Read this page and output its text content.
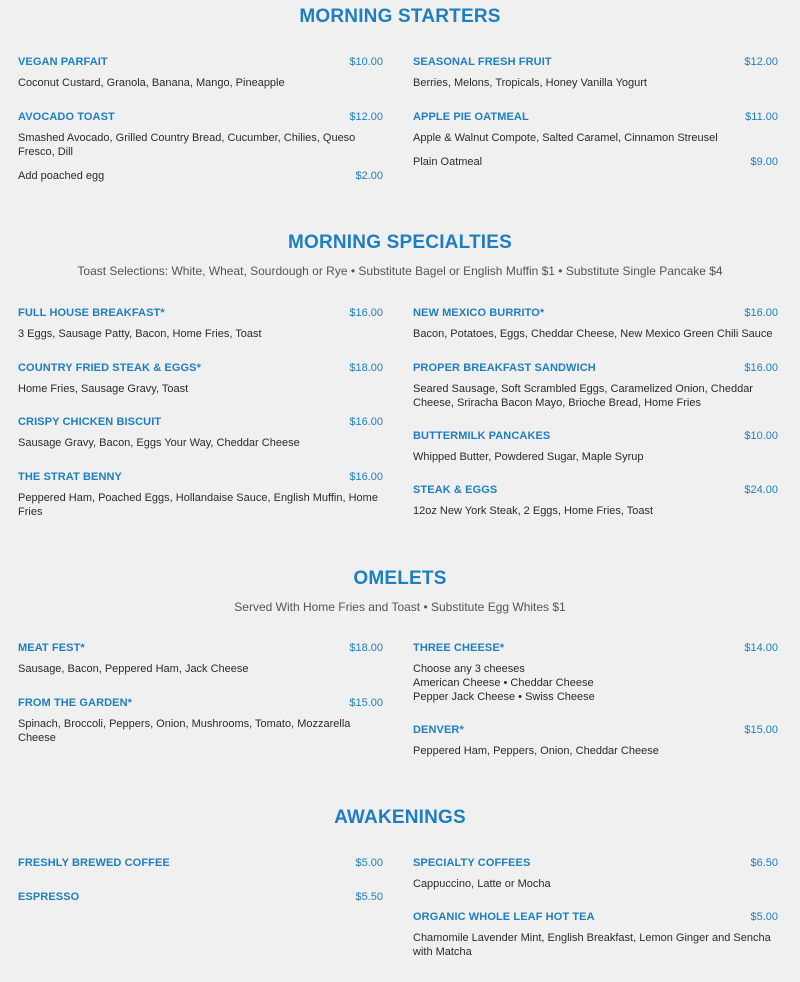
MORNING STARTERS
VEGAN PARFAIT	$10.00
Coconut Custard, Granola, Banana, Mango, Pineapple
AVOCADO TOAST	$12.00
Smashed Avocado, Grilled Country Bread, Cucumber, Chilies, Queso Fresco, Dill
Add poached egg	$2.00
SEASONAL FRESH FRUIT	$12.00
Berries, Melons, Tropicals, Honey Vanilla Yogurt
APPLE PIE OATMEAL	$11.00
Apple & Walnut Compote, Salted Caramel, Cinnamon Streusel
Plain Oatmeal	$9.00
MORNING SPECIALTIES

Toast Selections: White, Wheat, Sourdough or Rye • Substitute Bagel or English Muffin $1 • Substitute Single Pancake $4

FULL HOUSE BREAKFAST*	$16.00
3 Eggs, Sausage Patty, Bacon, Home Fries, Toast
COUNTRY FRIED STEAK & EGGS*	$18.00
Home Fries, Sausage Gravy, Toast
CRISPY CHICKEN BISCUIT	$16.00
Sausage Gravy, Bacon, Eggs Your Way, Cheddar Cheese
THE STRAT BENNY	$16.00
Peppered Ham, Poached Eggs, Hollandaise Sauce, English Muffin, Home Fries
NEW MEXICO BURRITO*	$16.00
Bacon, Potatoes, Eggs, Cheddar Cheese, New Mexico Green Chili Sauce
PROPER BREAKFAST SANDWICH	$16.00
Seared Sausage, Soft Scrambled Eggs, Caramelized Onion, Cheddar Cheese, Sriracha Bacon Mayo, Brioche Bread, Home Fries
BUTTERMILK PANCAKES	$10.00
Whipped Butter, Powdered Sugar, Maple Syrup
STEAK & EGGS	$24.00
12oz New York Steak, 2 Eggs, Home Fries, Toast
OMELETS

Served With Home Fries and Toast • Substitute Egg Whites $1

MEAT FEST*	$18.00
Sausage, Bacon, Peppered Ham, Jack Cheese
FROM THE GARDEN*	$15.00
Spinach, Broccoli, Peppers, Onion, Mushrooms, Tomato, Mozzarella Cheese
THREE CHEESE*	$14.00
Choose any 3 cheeses
American Cheese • Cheddar Cheese
Pepper Jack Cheese • Swiss Cheese
DENVER*	$15.00
Peppered Ham, Peppers, Onion, Cheddar Cheese
AWAKENINGS
FRESHLY BREWED COFFEE	$5.00
ESPRESSO	$5.50
SPECIALTY COFFEES	$6.50
Cappuccino, Latte or Mocha
ORGANIC WHOLE LEAF HOT TEA	$5.00
Chamomile Lavender Mint, English Breakfast, Lemon Ginger and Sencha with Matcha
